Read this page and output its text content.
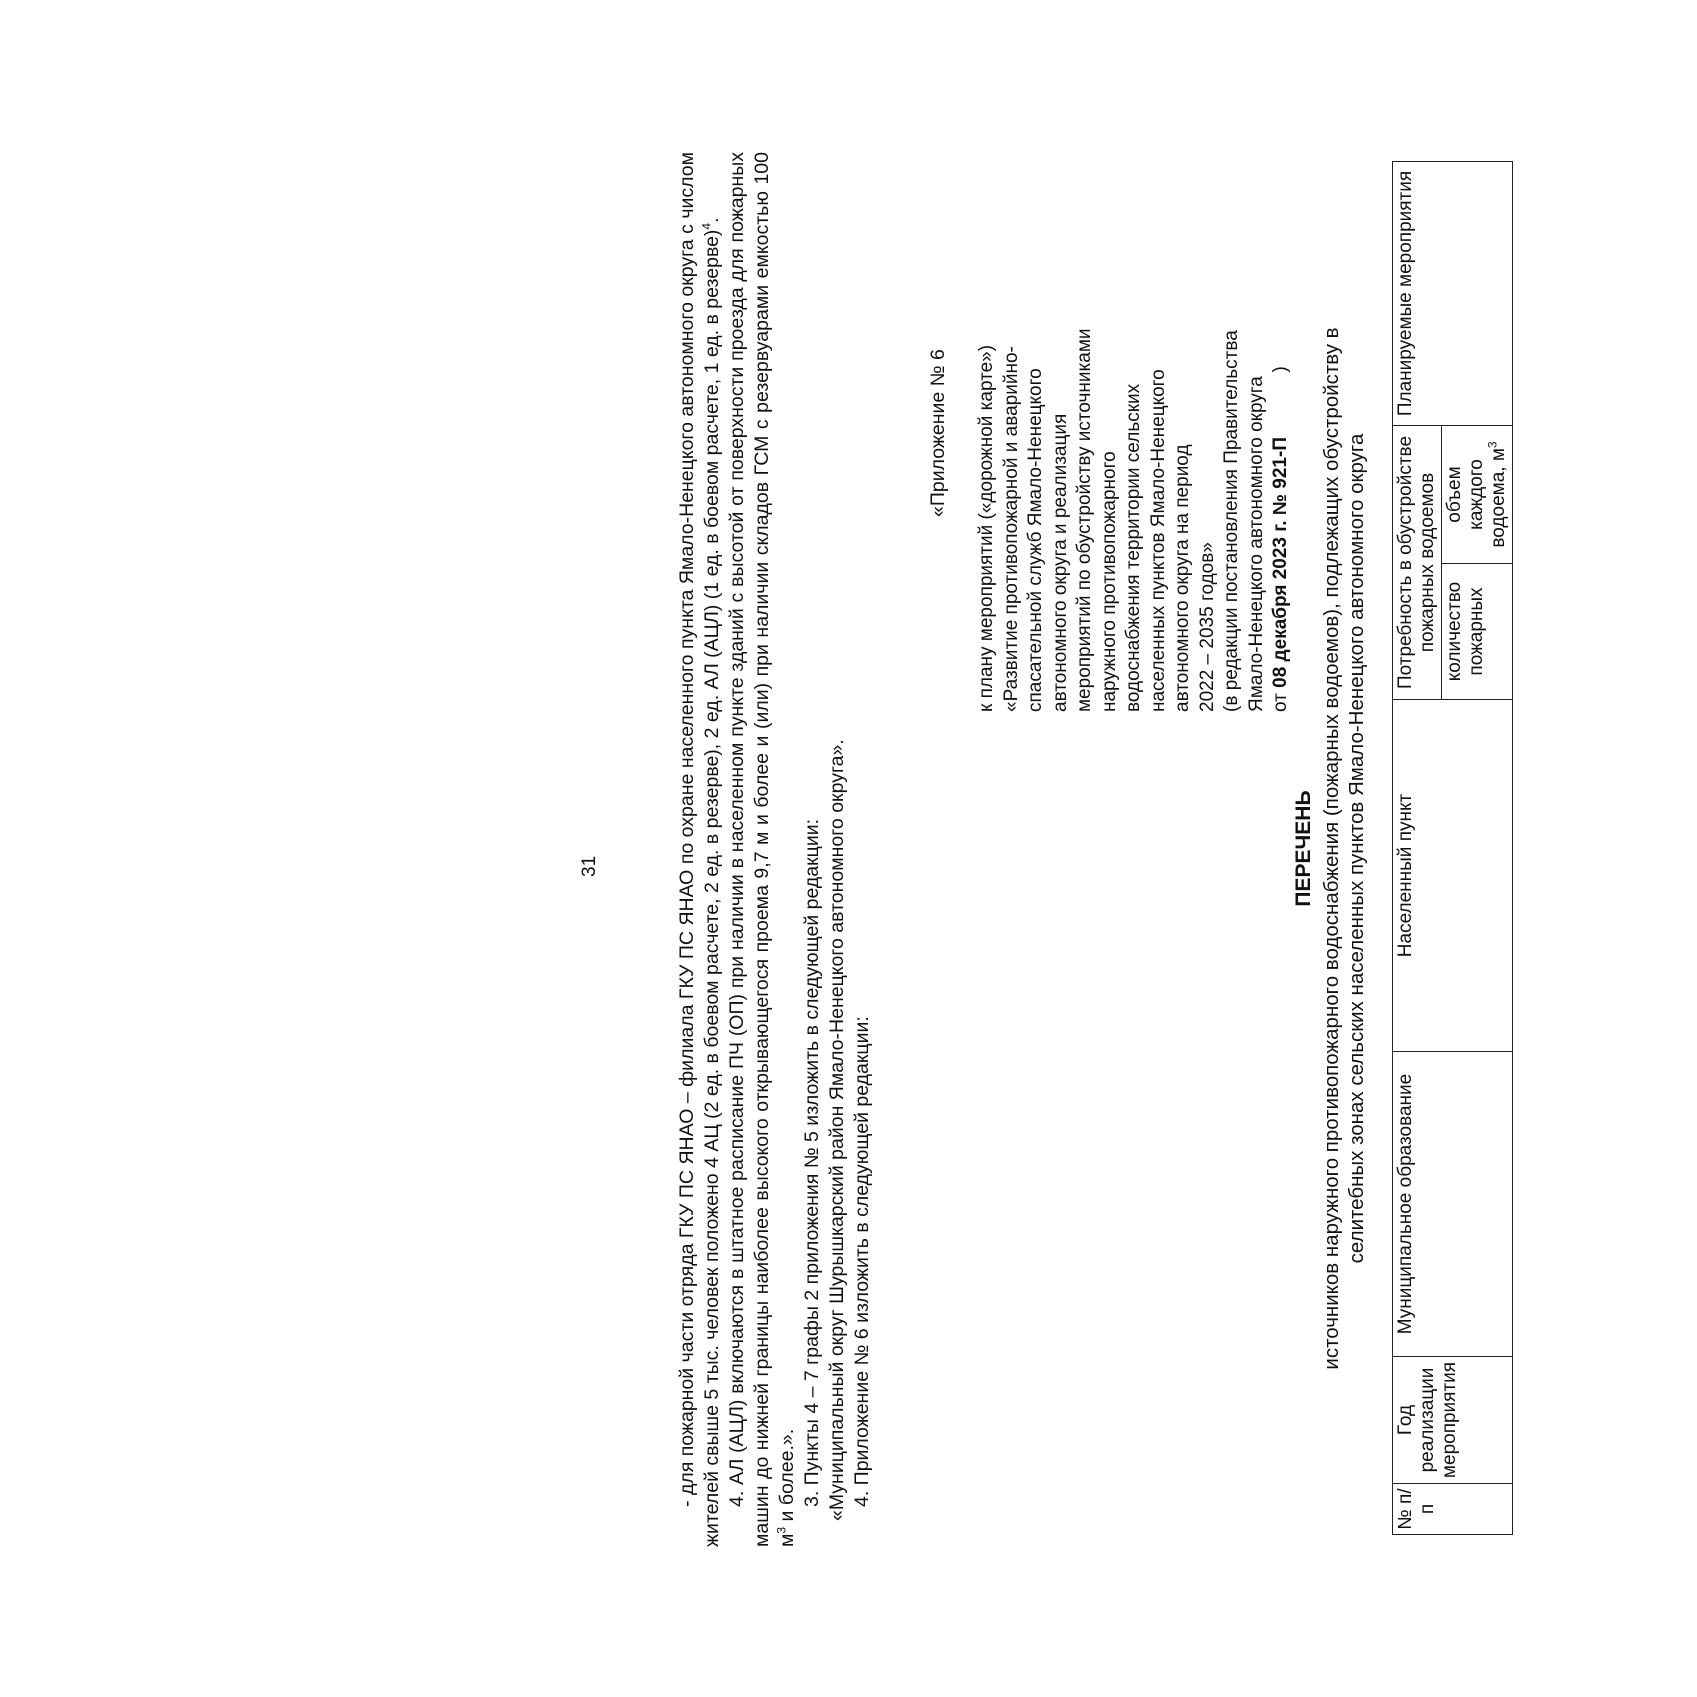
31	- для пожарной части отряда ГКУ ПС ЯНАО – филиала ГКУ ПС ЯНАО по охране населенного пункта Ямало-Ненецкого автономного округа с числом жителей свыше 5 тыс. человек положено 4 АЦ (2 ед. в боевом расчете, 2 ед. в резерве), 2 ед. АЛ (АЦЛ) (1 ед. в боевом расчете, 1 ед. в резерве)$^4$. 4. АЛ (АЦЛ) включаются в штатное расписание ПЧ (ОП) при наличии в населенном пункте зданий с высотой от поверхности проезда для пожарных машин до нижней границы наиболее высокого открывающегося проема 9,7 м и более и (или) при наличии складов ГСМ с резервуарами емкостью 100 $м^3$ и более.». 3. Пункты 4 – 7 графы 2 приложения № 5 изложить в следующей редакции: «Муниципальный округ Шурышкарский район Ямало-Ненецкого автономного округа». 4. Приложение № 6 изложить в следующей редакции:

«Приложение № 6 к плану мероприятий («дорожной карте») «Развитие противопожарной и аварийно- спасательной служб Ямало-Ненецкого автономного округа и реализация мероприятий по обустройству источниками наружного противопожарного водоснабжения территории сельских населенных пунктов Ямало-Ненецкого автономного округа на период 2022 – 2035 годов» (в редакции постановления Правительства Ямало-Ненецкого автономного округа от 08 декабря 2023 г. № 921-П  )
ПЕРЕЧЕНЬ источников наружного противопожарного водоснабжения (пожарных водоемов), подлежащих обустройству в селитебных зонах сельских населенных пунктов Ямало-Ненецкого автономного округа
№ п/п	Год реализации мероприятия	Муниципальное образование	Населенный пункт	Потребность в обустройстве пожарных водоемов		Планируемые мероприятия
				количество пожарных	объем каждого водоема, $м^3$
